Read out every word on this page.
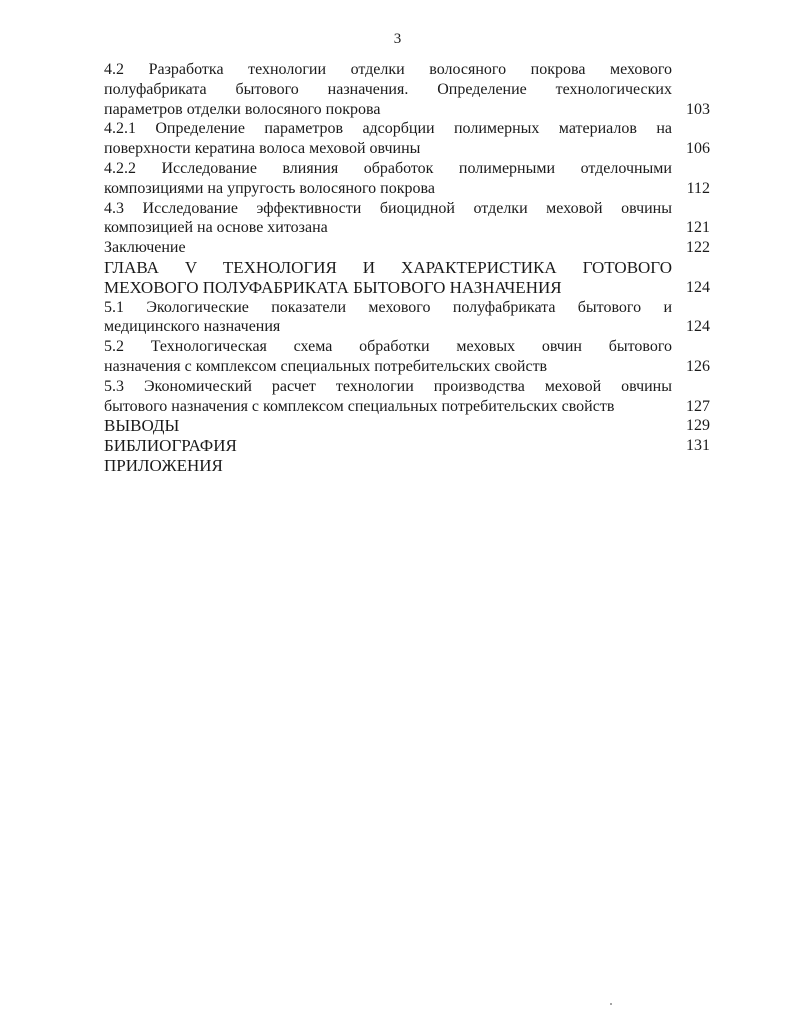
3
4.2 Разработка технологии отделки волосяного покрова мехового
полуфабриката бытового назначения. Определение технологических
параметров отделки волосяного покрова	103
4.2.1 Определение параметров адсорбции полимерных материалов на
поверхности кератина волоса меховой овчины	106
4.2.2 Исследование влияния обработок полимерными отделочными
композициями на упругость волосяного покрова	112
4.3 Исследование эффективности биоцидной отделки меховой овчины
композицией на основе хитозана	121
Заключение	122
ГЛАВА V ТЕХНОЛОГИЯ И ХАРАКТЕРИСТИКА ГОТОВОГО
МЕХОВОГО ПОЛУФАБРИКАТА БЫТОВОГО НАЗНАЧЕНИЯ	124
5.1 Экологические показатели мехового полуфабриката бытового и
медицинского назначения	124
5.2 Технологическая схема обработки меховых овчин бытового
назначения с комплексом специальных потребительских свойств	126
5.3 Экономический расчет технологии производства меховой овчины
бытового назначения с комплексом специальных потребительских свойств	127
ВЫВОДЫ	129
БИБЛИОГРАФИЯ	131
ПРИЛОЖЕНИЯ
